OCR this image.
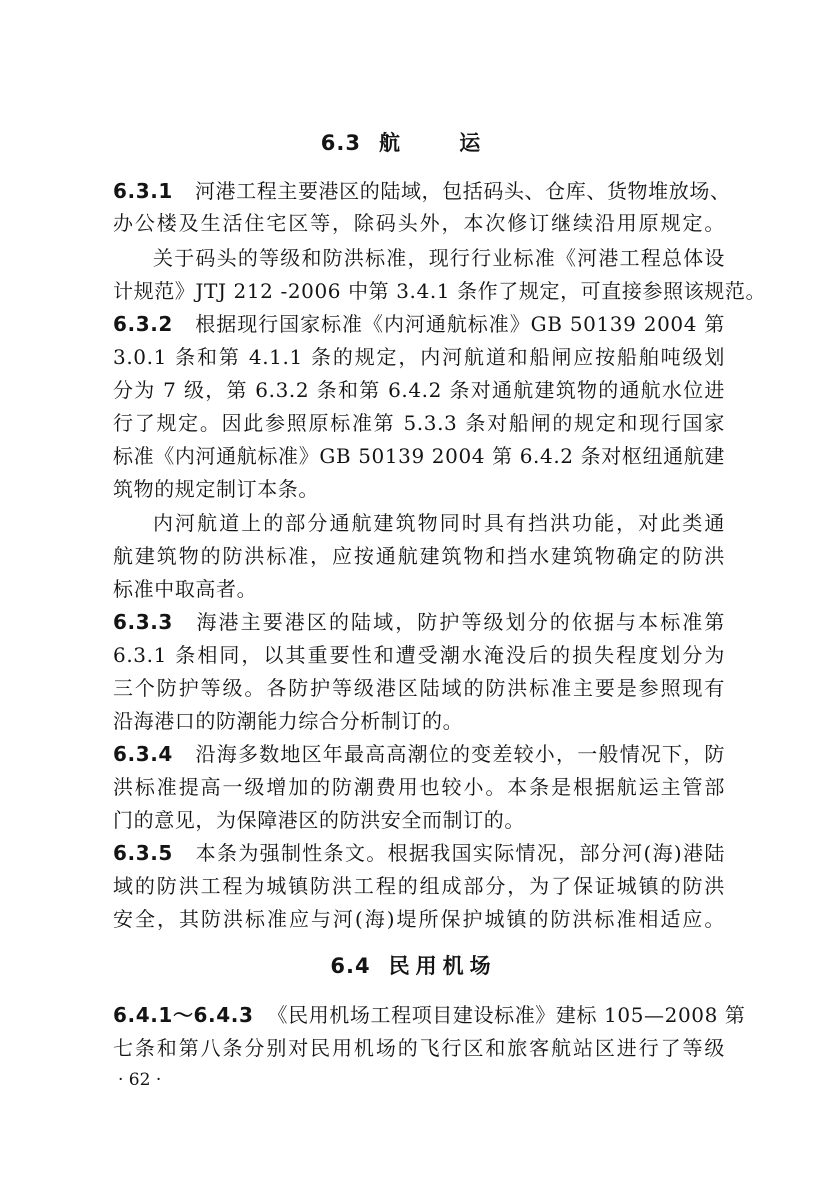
6.3 航 运
6.3.1 河港工程主要港区的陆域，包括码头、仓库、货物堆放场、
办公楼及生活住宅区等，除码头外，本次修订继续沿用原规定。
关于码头的等级和防洪标准，现行行业标准《河港工程总体设
计规范》JTJ 212 -2006 中第 3.4.1 条作了规定，可直接参照该规范。
6.3.2 根据现行国家标准《内河通航标准》GB 50139 2004 第
3.0.1 条和第 4.1.1 条的规定，内河航道和船闸应按船舶吨级划
分为 7 级，第 6.3.2 条和第 6.4.2 条对通航建筑物的通航水位进
行了规定。因此参照原标准第 5.3.3 条对船闸的规定和现行国家
标准《内河通航标准》GB 50139 2004 第 6.4.2 条对枢纽通航建
筑物的规定制订本条。
内河航道上的部分通航建筑物同时具有挡洪功能，对此类通
航建筑物的防洪标准，应按通航建筑物和挡水建筑物确定的防洪
标准中取高者。
6.3.3 海港主要港区的陆域，防护等级划分的依据与本标准第
6.3.1 条相同，以其重要性和遭受潮水淹没后的损失程度划分为
三个防护等级。各防护等级港区陆域的防洪标准主要是参照现有
沿海港口的防潮能力综合分析制订的。
6.3.4 沿海多数地区年最高高潮位的变差较小，一般情况下，防
洪标准提高一级增加的防潮费用也较小。本条是根据航运主管部
门的意见，为保障港区的防洪安全而制订的。
6.3.5 本条为强制性条文。根据我国实际情况，部分河(海)港陆
域的防洪工程为城镇防洪工程的组成部分，为了保证城镇的防洪
安全，其防洪标准应与河(海)堤所保护城镇的防洪标准相适应。
6.4 民用机场
6.4.1～6.4.3 《民用机场工程项目建设标准》建标 105—2008 第
七条和第八条分别对民用机场的飞行区和旅客航站区进行了等级
· 62 ·
